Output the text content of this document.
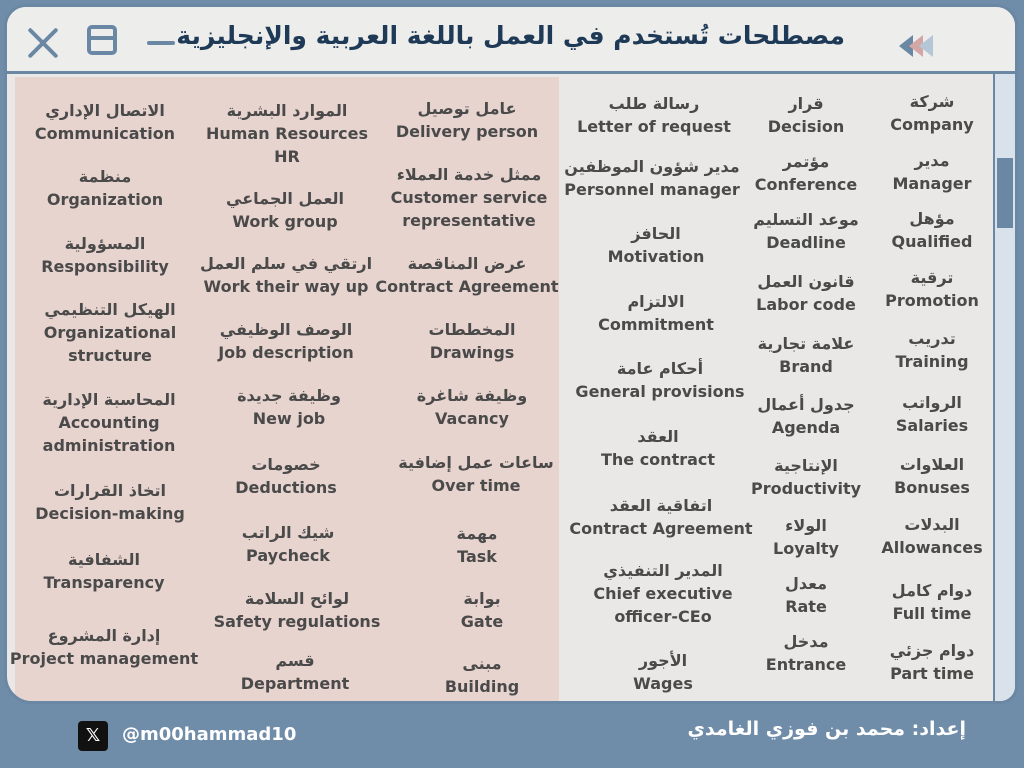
مصطلحات تُستخدم في العمل باللغة العربية والإنجليزية
شركة
Company
مدير
Manager
مؤهل
Qualified
ترقية
Promotion
تدريب
Training
الرواتب
Salaries
العلاوات
Bonuses
البدلات
Allowances
دوام كامل
Full time
دوام جزئي
Part time
قرار
Decision
مؤتمر
Conference
موعد التسليم
Deadline
قانون العمل
Labor code
علامة تجارية
Brand
جدول أعمال
Agenda
الإنتاجية
Productivity
الولاء
Loyalty
معدل
Rate
مدخل
Entrance
رسالة طلب
Letter of request
مدير شؤون الموظفين
Personnel manager
الحافز
Motivation
الالتزام
Commitment
أحكام عامة
General provisions
العقد
The contract
اتفاقية العقد
Contract Agreement
المدير التنفيذي
Chief executive
officer-CEo
الأجور
Wages
عامل توصيل
Delivery person
ممثل خدمة العملاء
Customer service
representative
عرض المناقصة
Contract Agreement
المخططات
Drawings
وظيفة شاغرة
Vacancy
ساعات عمل إضافية
Over time
مهمة
Task
بوابة
Gate
مبنى
Building
الموارد البشرية
Human Resources
HR
العمل الجماعي
Work group
ارتقي في سلم العمل
Work their way up
الوصف الوظيفي
Job description
وظيفة جديدة
New job
خصومات
Deductions
شيك الراتب
Paycheck
لوائح السلامة
Safety regulations
قسم
Department
الاتصال الإداري
Communication
منظمة
Organization
المسؤولية
Responsibility
الهيكل التنظيمي
Organizational
structure
المحاسبة الإدارية
Accounting
administration
اتخاذ القرارات
Decision-making
الشفافية
Transparency
إدارة المشروع
Project management
𝕏	@m00hammad10	إعداد: محمد بن فوزي الغامدي
